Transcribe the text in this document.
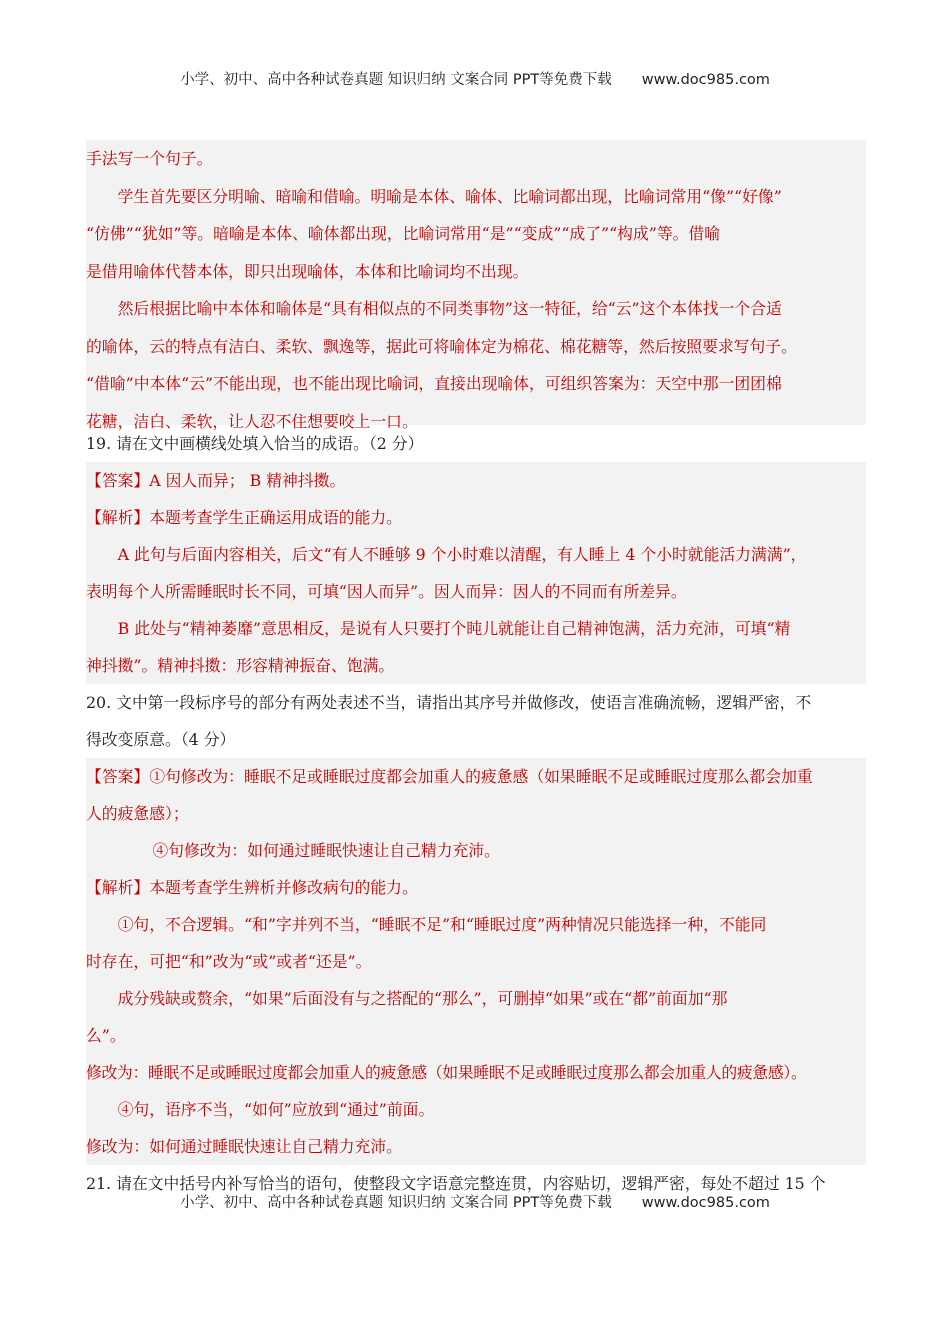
小学、初中、高中各种试卷真题 知识归纳 文案合同 PPT等免费下载 www.doc985.com

手法写一个句子。

学生首先要区分明喻、暗喻和借喻。明喻是本体、喻体、比喻词都出现，比喻词常用“像”“好像”

“仿佛”“犹如”等。暗喻是本体、喻体都出现，比喻词常用“是”“变成”“成了”“构成”等。借喻

是借用喻体代替本体，即只出现喻体，本体和比喻词均不出现。

然后根据比喻中本体和喻体是“具有相似点的不同类事物”这一特征，给“云”这个本体找一个合适

的喻体，云的特点有洁白、柔软、飘逸等，据此可将喻体定为棉花、棉花糖等，然后按照要求写句子。

“借喻”中本体“云”不能出现，也不能出现比喻词，直接出现喻体，可组织答案为：天空中那一团团棉

花糖，洁白、柔软，让人忍不住想要咬上一口。

19. 请在文中画横线处填入恰当的成语。（2 分）

【答案】A 因人而异； B 精神抖擞。

【解析】本题考查学生正确运用成语的能力。

A 此句与后面内容相关，后文“有人不睡够 9 个小时难以清醒，有人睡上 4 个小时就能活力满满”，

表明每个人所需睡眠时长不同，可填“因人而异”。因人而异：因人的不同而有所差异。

B 此处与“精神萎靡”意思相反，是说有人只要打个盹儿就能让自己精神饱满，活力充沛，可填“精

神抖擞”。精神抖擞：形容精神振奋、饱满。

20. 文中第一段标序号的部分有两处表述不当，请指出其序号并做修改，使语言准确流畅，逻辑严密，不

得改变原意。（4 分）

【答案】①句修改为：睡眠不足或睡眠过度都会加重人的疲惫感（如果睡眠不足或睡眠过度那么都会加重

人的疲惫感）；

④句修改为：如何通过睡眠快速让自己精力充沛。

【解析】本题考查学生辨析并修改病句的能力。

①句，不合逻辑。“和”字并列不当，“睡眠不足”和“睡眠过度”两种情况只能选择一种，不能同

时存在，可把“和”改为“或”或者“还是”。

成分残缺或赘余，“如果”后面没有与之搭配的“那么”，可删掉“如果”或在“都”前面加“那

么”。

修改为：睡眠不足或睡眠过度都会加重人的疲惫感（如果睡眠不足或睡眠过度那么都会加重人的疲惫感）。

④句，语序不当，“如何”应放到“通过”前面。

修改为：如何通过睡眠快速让自己精力充沛。

21. 请在文中括号内补写恰当的语句，使整段文字语意完整连贯，内容贴切，逻辑严密，每处不超过 15 个

小学、初中、高中各种试卷真题 知识归纳 文案合同 PPT等免费下载 www.doc985.com
